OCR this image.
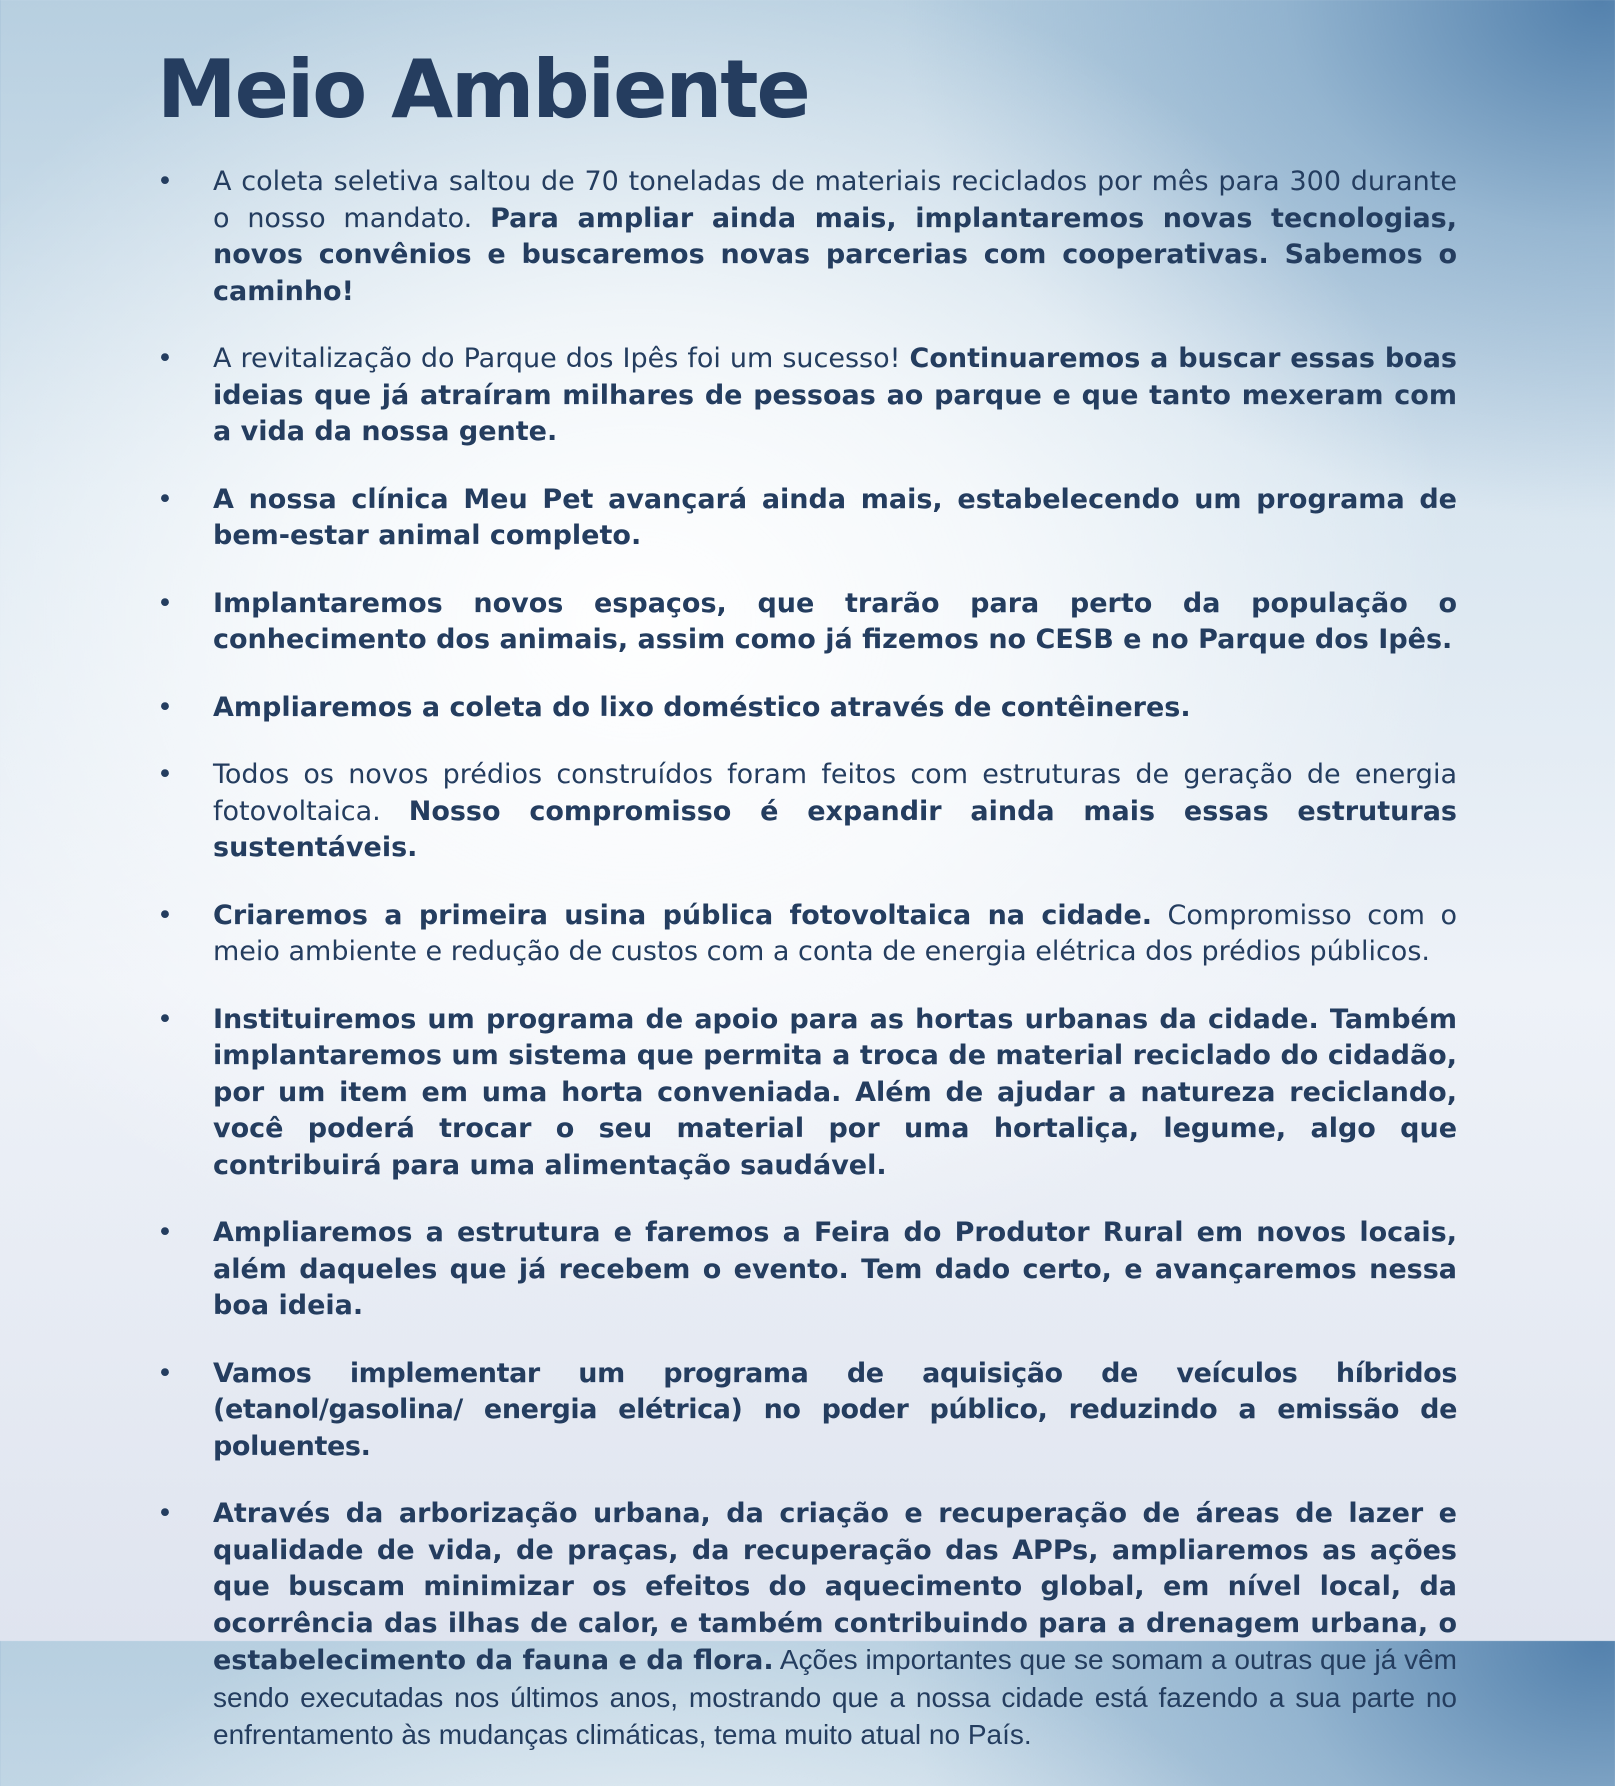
Meio Ambiente
• A coleta seletiva saltou de 70 toneladas de materiais reciclados por mês para 300 durante o nosso mandato. Para ampliar ainda mais, implantaremos novas tecnologias, novos convênios e buscaremos novas parcerias com cooperativas. Sabemos o caminho!
• A revitalização do Parque dos Ipês foi um sucesso! Continuaremos a buscar essas boas ideias que já atraíram milhares de pessoas ao parque e que tanto mexeram com a vida da nossa gente.
• A nossa clínica Meu Pet avançará ainda mais, estabelecendo um programa de bem-estar animal completo.
• Implantaremos novos espaços, que trarão para perto da população o conhecimento dos animais, assim como já fizemos no CESB e no Parque dos Ipês.
• Ampliaremos a coleta do lixo doméstico através de contêineres.
• Todos os novos prédios construídos foram feitos com estruturas de geração de energia fotovoltaica. Nosso compromisso é expandir ainda mais essas estruturas sustentáveis.
• Criaremos a primeira usina pública fotovoltaica na cidade. Compromisso com o meio ambiente e redução de custos com a conta de energia elétrica dos prédios públicos.
• Instituiremos um programa de apoio para as hortas urbanas da cidade. Também implantaremos um sistema que permita a troca de material reciclado do cidadão, por um item em uma horta conveniada. Além de ajudar a natureza reciclando, você poderá trocar o seu material por uma hortaliça, legume, algo que contribuirá para uma alimentação saudável.
• Ampliaremos a estrutura e faremos a Feira do Produtor Rural em novos locais, além daqueles que já recebem o evento. Tem dado certo, e avançaremos nessa boa ideia.
• Vamos implementar um programa de aquisição de veículos híbridos (etanol/gasolina/ energia elétrica) no poder público, reduzindo a emissão de poluentes.
• Através da arborização urbana, da criação e recuperação de áreas de lazer e qualidade de vida, de praças, da recuperação das APPs, ampliaremos as ações que buscam minimizar os efeitos do aquecimento global, em nível local, da ocorrência das ilhas de calor, e também contribuindo para a drenagem urbana, o estabelecimento da fauna e da flora. Ações importantes que se somam a outras que já vêm sendo executadas nos últimos anos, mostrando que a nossa cidade está fazendo a sua parte no enfrentamento às mudanças climáticas, tema muito atual no País.
